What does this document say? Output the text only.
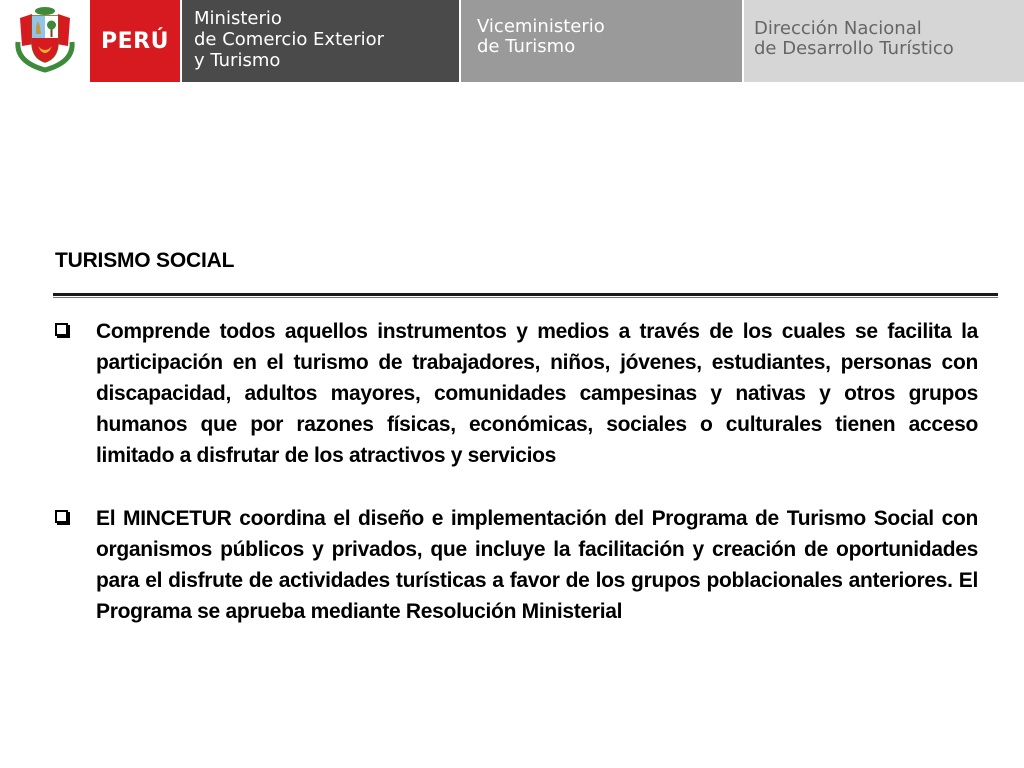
PERÚ
Ministerio
de Comercio Exterior
y Turismo
Viceministerio
de Turismo
Dirección Nacional
de Desarrollo Turístico
TURISMO SOCIAL
Comprende todos aquellos instrumentos y medios a través de los cuales se facilita la participación en el turismo de trabajadores, niños, jóvenes, estudiantes, personas con discapacidad, adultos mayores, comunidades campesinas y nativas y otros grupos humanos que por razones físicas, económicas, sociales o culturales tienen acceso limitado a disfrutar de los atractivos y servicios
El MINCETUR coordina el diseño e implementación del Programa de Turismo Social con organismos públicos y privados, que incluye la facilitación y creación de oportunidades para el disfrute de actividades turísticas a favor de los grupos poblacionales anteriores. El Programa se aprueba mediante Resolución Ministerial
